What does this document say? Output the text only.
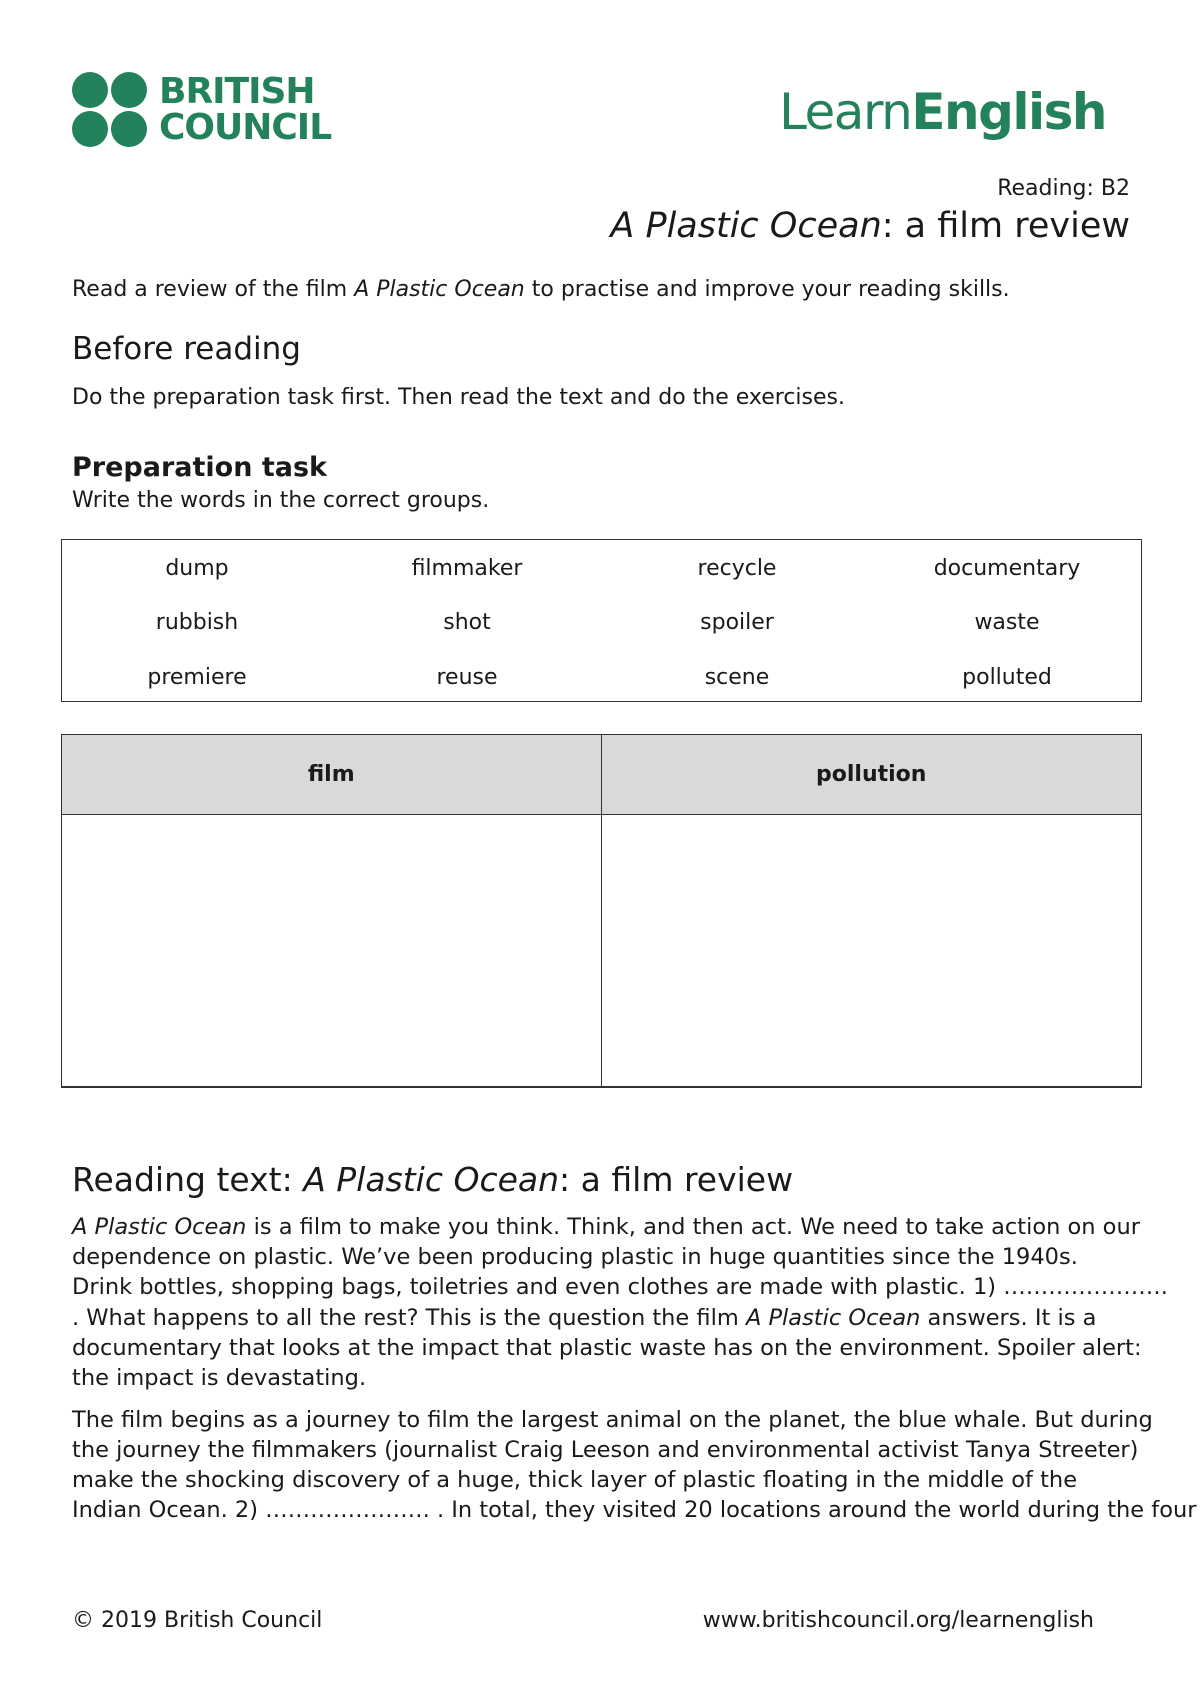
BRITISH
COUNCIL	LearnEnglish
Reading: B2
A Plastic Ocean: a film review
Read a review of the film A Plastic Ocean to practise and improve your reading skills.
Before reading
Do the preparation task first. Then read the text and do the exercises.
Preparation task
Write the words in the correct groups.
dump	filmmaker	recycle	documentary
rubbish	shot	spoiler	waste
premiere	reuse	scene	polluted
film	pollution
Reading text: A Plastic Ocean: a film review
A Plastic Ocean is a film to make you think. Think, and then act. We need to take action on our
dependence on plastic. We’ve been producing plastic in huge quantities since the 1940s.
Drink bottles, shopping bags, toiletries and even clothes are made with plastic. 1) ………………….
. What happens to all the rest? This is the question the film A Plastic Ocean answers. It is a
documentary that looks at the impact that plastic waste has on the environment. Spoiler alert:
the impact is devastating.
The film begins as a journey to film the largest animal on the planet, the blue whale. But during
the journey the filmmakers (journalist Craig Leeson and environmental activist Tanya Streeter)
make the shocking discovery of a huge, thick layer of plastic floating in the middle of the
Indian Ocean. 2) …………………. . In total, they visited 20 locations around the world during the four
© 2019 British Council	www.britishcouncil.org/learnenglish
